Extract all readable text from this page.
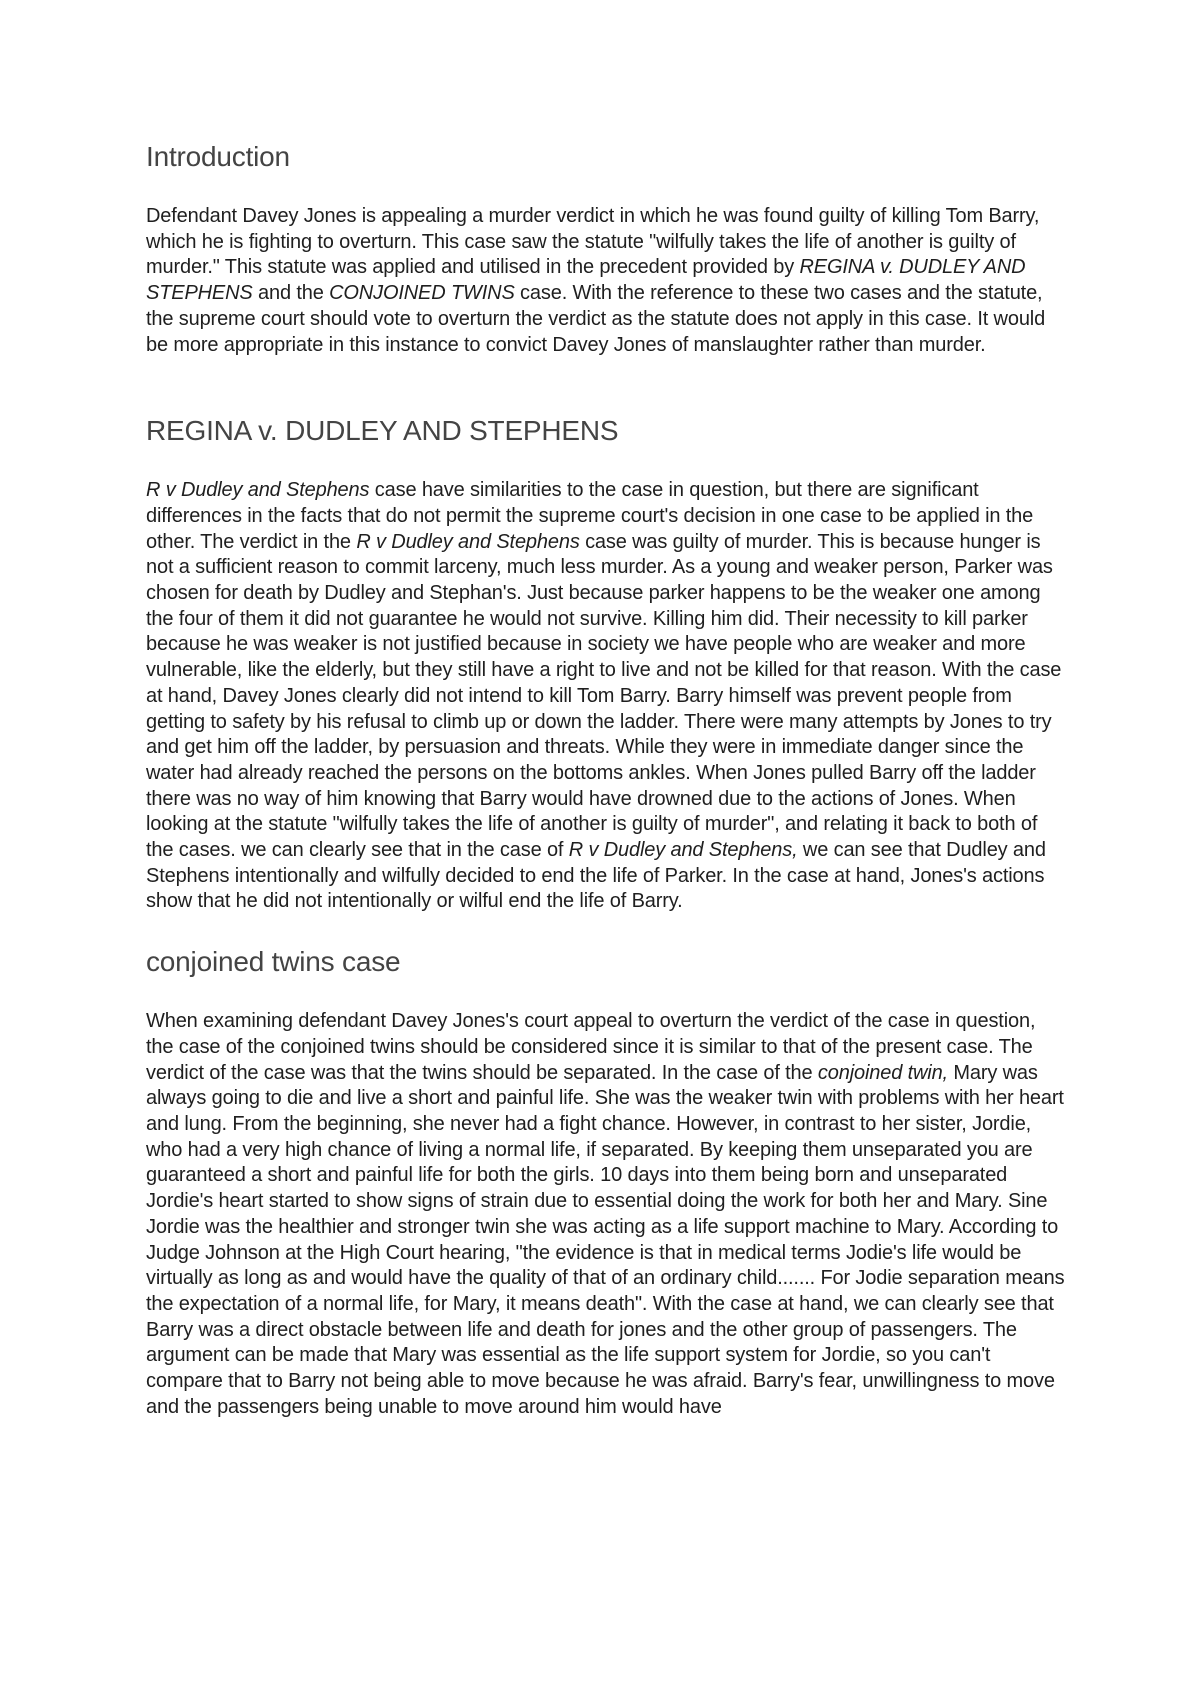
Introduction

Defendant Davey Jones is appealing a murder verdict in which he was found guilty of killing Tom Barry, which he is fighting to overturn. This case saw the statute "wilfully takes the life of another is guilty of murder." This statute was applied and utilised in the precedent provided by REGINA v. DUDLEY AND STEPHENS and the CONJOINED TWINS case. With the reference to these two cases and the statute, the supreme court should vote to overturn the verdict as the statute does not apply in this case. It would be more appropriate in this instance to convict Davey Jones of manslaughter rather than murder.

REGINA v. DUDLEY AND STEPHENS

R v Dudley and Stephens case have similarities to the case in question, but there are significant differences in the facts that do not permit the supreme court's decision in one case to be applied in the other. The verdict in the R v Dudley and Stephens case was guilty of murder. This is because hunger is not a sufficient reason to commit larceny, much less murder. As a young and weaker person, Parker was chosen for death by Dudley and Stephan's. Just because parker happens to be the weaker one among the four of them it did not guarantee he would not survive. Killing him did. Their necessity to kill parker because he was weaker is not justified because in society we have people who are weaker and more vulnerable, like the elderly, but they still have a right to live and not be killed for that reason. With the case at hand, Davey Jones clearly did not intend to kill Tom Barry. Barry himself was prevent people from getting to safety by his refusal to climb up or down the ladder. There were many attempts by Jones to try and get him off the ladder, by persuasion and threats. While they were in immediate danger since the water had already reached the persons on the bottoms ankles. When Jones pulled Barry off the ladder there was no way of him knowing that Barry would have drowned due to the actions of Jones. When looking at the statute "wilfully takes the life of another is guilty of murder", and relating it back to both of the cases. we can clearly see that in the case of R v Dudley and Stephens, we can see that Dudley and Stephens intentionally and wilfully decided to end the life of Parker. In the case at hand, Jones's actions show that he did not intentionally or wilful end the life of Barry.

conjoined twins case

When examining defendant Davey Jones's court appeal to overturn the verdict of the case in question, the case of the conjoined twins should be considered since it is similar to that of the present case. The verdict of the case was that the twins should be separated. In the case of the conjoined twin, Mary was always going to die and live a short and painful life. She was the weaker twin with problems with her heart and lung. From the beginning, she never had a fight chance. However, in contrast to her sister, Jordie, who had a very high chance of living a normal life, if separated. By keeping them unseparated you are guaranteed a short and painful life for both the girls. 10 days into them being born and unseparated Jordie's heart started to show signs of strain due to essential doing the work for both her and Mary. Sine Jordie was the healthier and stronger twin she was acting as a life support machine to Mary. According to Judge Johnson at the High Court hearing, "the evidence is that in medical terms Jodie's life would be virtually as long as and would have the quality of that of an ordinary child....... For Jodie separation means the expectation of a normal life, for Mary, it means death". With the case at hand, we can clearly see that Barry was a direct obstacle between life and death for jones and the other group of passengers. The argument can be made that Mary was essential as the life support system for Jordie, so you can't compare that to Barry not being able to move because he was afraid. Barry's fear, unwillingness to move and the passengers being unable to move around him would have
